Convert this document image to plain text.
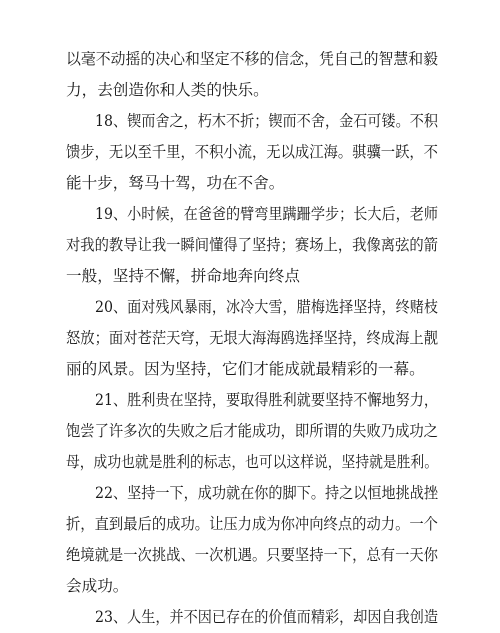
以毫不动摇的决心和坚定不移的信念，凭自己的智慧和毅
力，去创造你和人类的快乐。
18、锲而舍之，朽木不折；锲而不舍，金石可镂。不积
馈步，无以至千里，不积小流，无以成江海。骐骥一跃，不
能十步，驽马十驾，功在不舍。
19、小时候，在爸爸的臂弯里蹒跚学步；长大后，老师
对我的教导让我一瞬间懂得了坚持；赛场上，我像离弦的箭
一般，坚持不懈，拼命地奔向终点
20、面对残风暴雨，冰冷大雪，腊梅选择坚持，终赌枝
怒放；面对苍茫天穹，无垠大海海鸥选择坚持，终成海上靓
丽的风景。因为坚持，它们才能成就最精彩的一幕。
21、胜利贵在坚持，要取得胜利就要坚持不懈地努力，
饱尝了许多次的失败之后才能成功，即所谓的失败乃成功之
母，成功也就是胜利的标志，也可以这样说，坚持就是胜利。
22、坚持一下，成功就在你的脚下。持之以恒地挑战挫
折，直到最后的成功。让压力成为你冲向终点的动力。一个
绝境就是一次挑战、一次机遇。只要坚持一下，总有一天你
会成功。
23、人生，并不因已存在的价值而精彩，却因自我创造
